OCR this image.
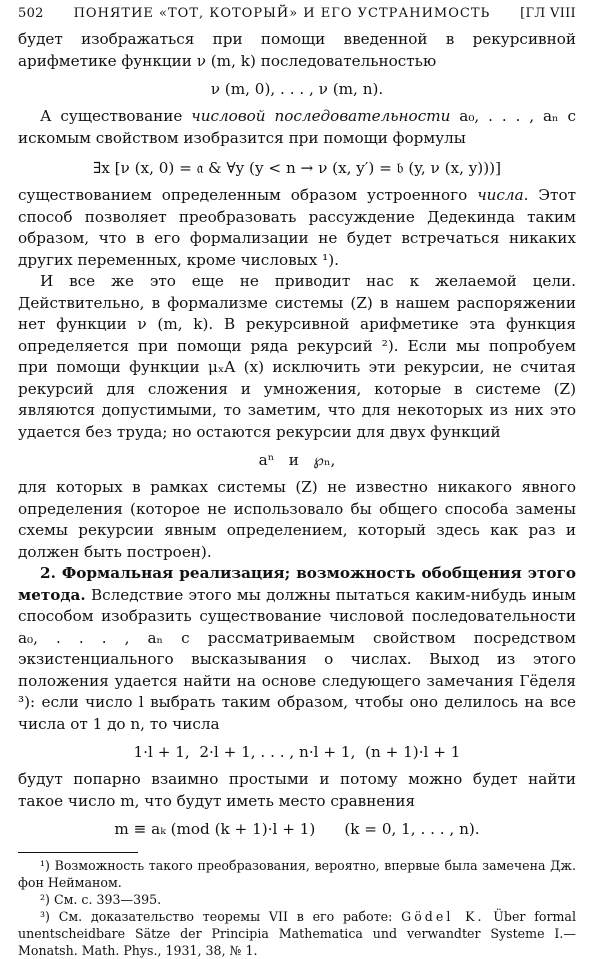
502 ПОНЯТИЕ «ТОТ, КОТОРЫЙ» И ЕГО УСТРАНИМОСТЬ [ГЛ VIII

будет изображаться при помощи введенной в рекурсивной арифметике функции ν (m, k) последовательностью

ν (m, 0), . . . , ν (m, n).

А существование числовой последовательности a₀, . . . , aₙ с искомым свойством изобразится при помощи формулы

∃x [ν (x, 0) = 𝔞 & ∀y (y < n → ν (x, y′) = 𝔟 (y, ν (x, y)))]

существованием определенным образом устроенного числа. Этот способ позволяет преобразовать рассуждение Дедекинда таким образом, что в его формализации не будет встречаться никаких других переменных, кроме числовых ¹).

И все же это еще не приводит нас к желаемой цели. Действительно, в формализме системы (Z) в нашем распоряжении нет функции ν (m, k). В рекурсивной арифметике эта функция определяется при помощи ряда рекурсий ²). Если мы попробуем при помощи функции μₓA (x) исключить эти рекурсии, не считая рекурсий для сложения и умножения, которые в системе (Z) являются допустимыми, то заметим, что для некоторых из них это удается без труда; но остаются рекурсии для двух функций

aⁿ   и   ℘ₙ,

для которых в рамках системы (Z) не известно никакого явного определения (которое не использовало бы общего способа замены схемы рекурсии явным определением, который здесь как раз и должен быть построен).

2. Формальная реализация; возможность обобщения этого метода. Вследствие этого мы должны пытаться каким-нибудь иным способом изобразить существование числовой последовательности a₀, . . . , aₙ с рассматриваемым свойством посредством экзистенциального высказывания о числах. Выход из этого положения удается найти на основе следующего замечания Гёделя ³): если число l выбрать таким образом, чтобы оно делилось на все числа от 1 до n, то числа

1·l + 1,  2·l + 1, . . . , n·l + 1,  (n + 1)·l + 1

будут попарно взаимно простыми и потому можно будет найти такое число m, что будут иметь место сравнения

m ≡ aₖ (mod (k + 1)·l + 1)      (k = 0, 1, . . . , n).

¹) Возможность такого преобразования, вероятно, впервые была замечена Дж. фон Нейманом.

²) См. с. 393—395.

³) См. доказательство теоремы VII в его работе: Gödel K. Über formal unentscheidbare Sätze der Principia Mathematica und verwandter Systeme I.— Monatsh. Math. Phys., 1931, 38, № 1.
